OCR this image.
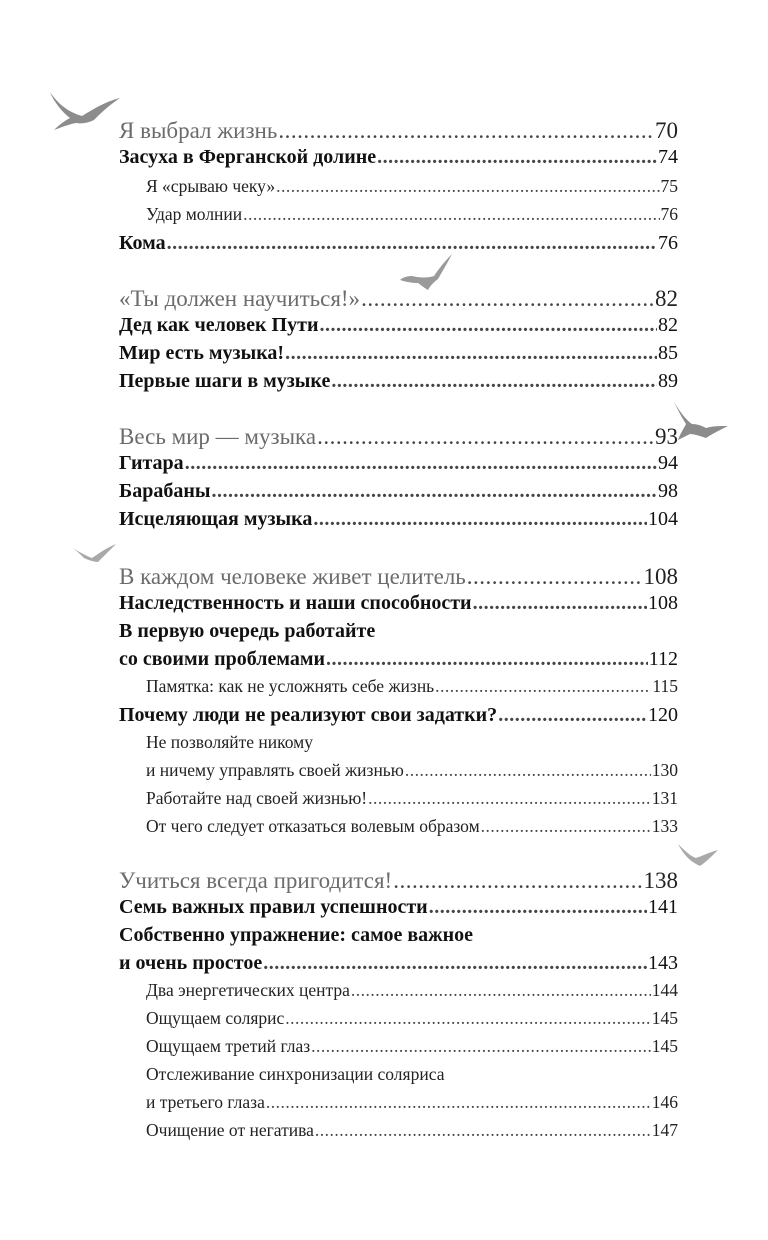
Я выбрал жизнь .....	70
Засуха в Ферганской долине .....	74
Я «срываю чеку» .....	75
Удар молнии .....	76
Кома .....	76
«Ты должен научиться!» .....	82
Дед как человек Пути .....	82
Мир есть музыка! .....	85
Первые шаги в музыке .....	89
Весь мир — музыка .....	93
Гитара .....	94
Барабаны .....	98
Исцеляющая музыка .....	104
В каждом человеке живет целитель .....	108
Наследственность и наши способности .....	108
В первую очередь работайте
со своими проблемами .....	112
Памятка: как не усложнять себе жизнь .....	115
Почему люди не реализуют свои задатки? .....	120
Не позволяйте никому
и ничему управлять своей жизнью .....	130
Работайте над своей жизнью! .....	131
От чего следует отказаться волевым образом .....	133
Учиться всегда пригодится! .....	138
Семь важных правил успешности .....	141
Собственно упражнение: самое важное
и очень простое .....	143
Два энергетических центра .....	144
Ощущаем солярис .....	145
Ощущаем третий глаз .....	145
Отслеживание синхронизации соляриса
и третьего глаза .....	146
Очищение от негатива .....	147
